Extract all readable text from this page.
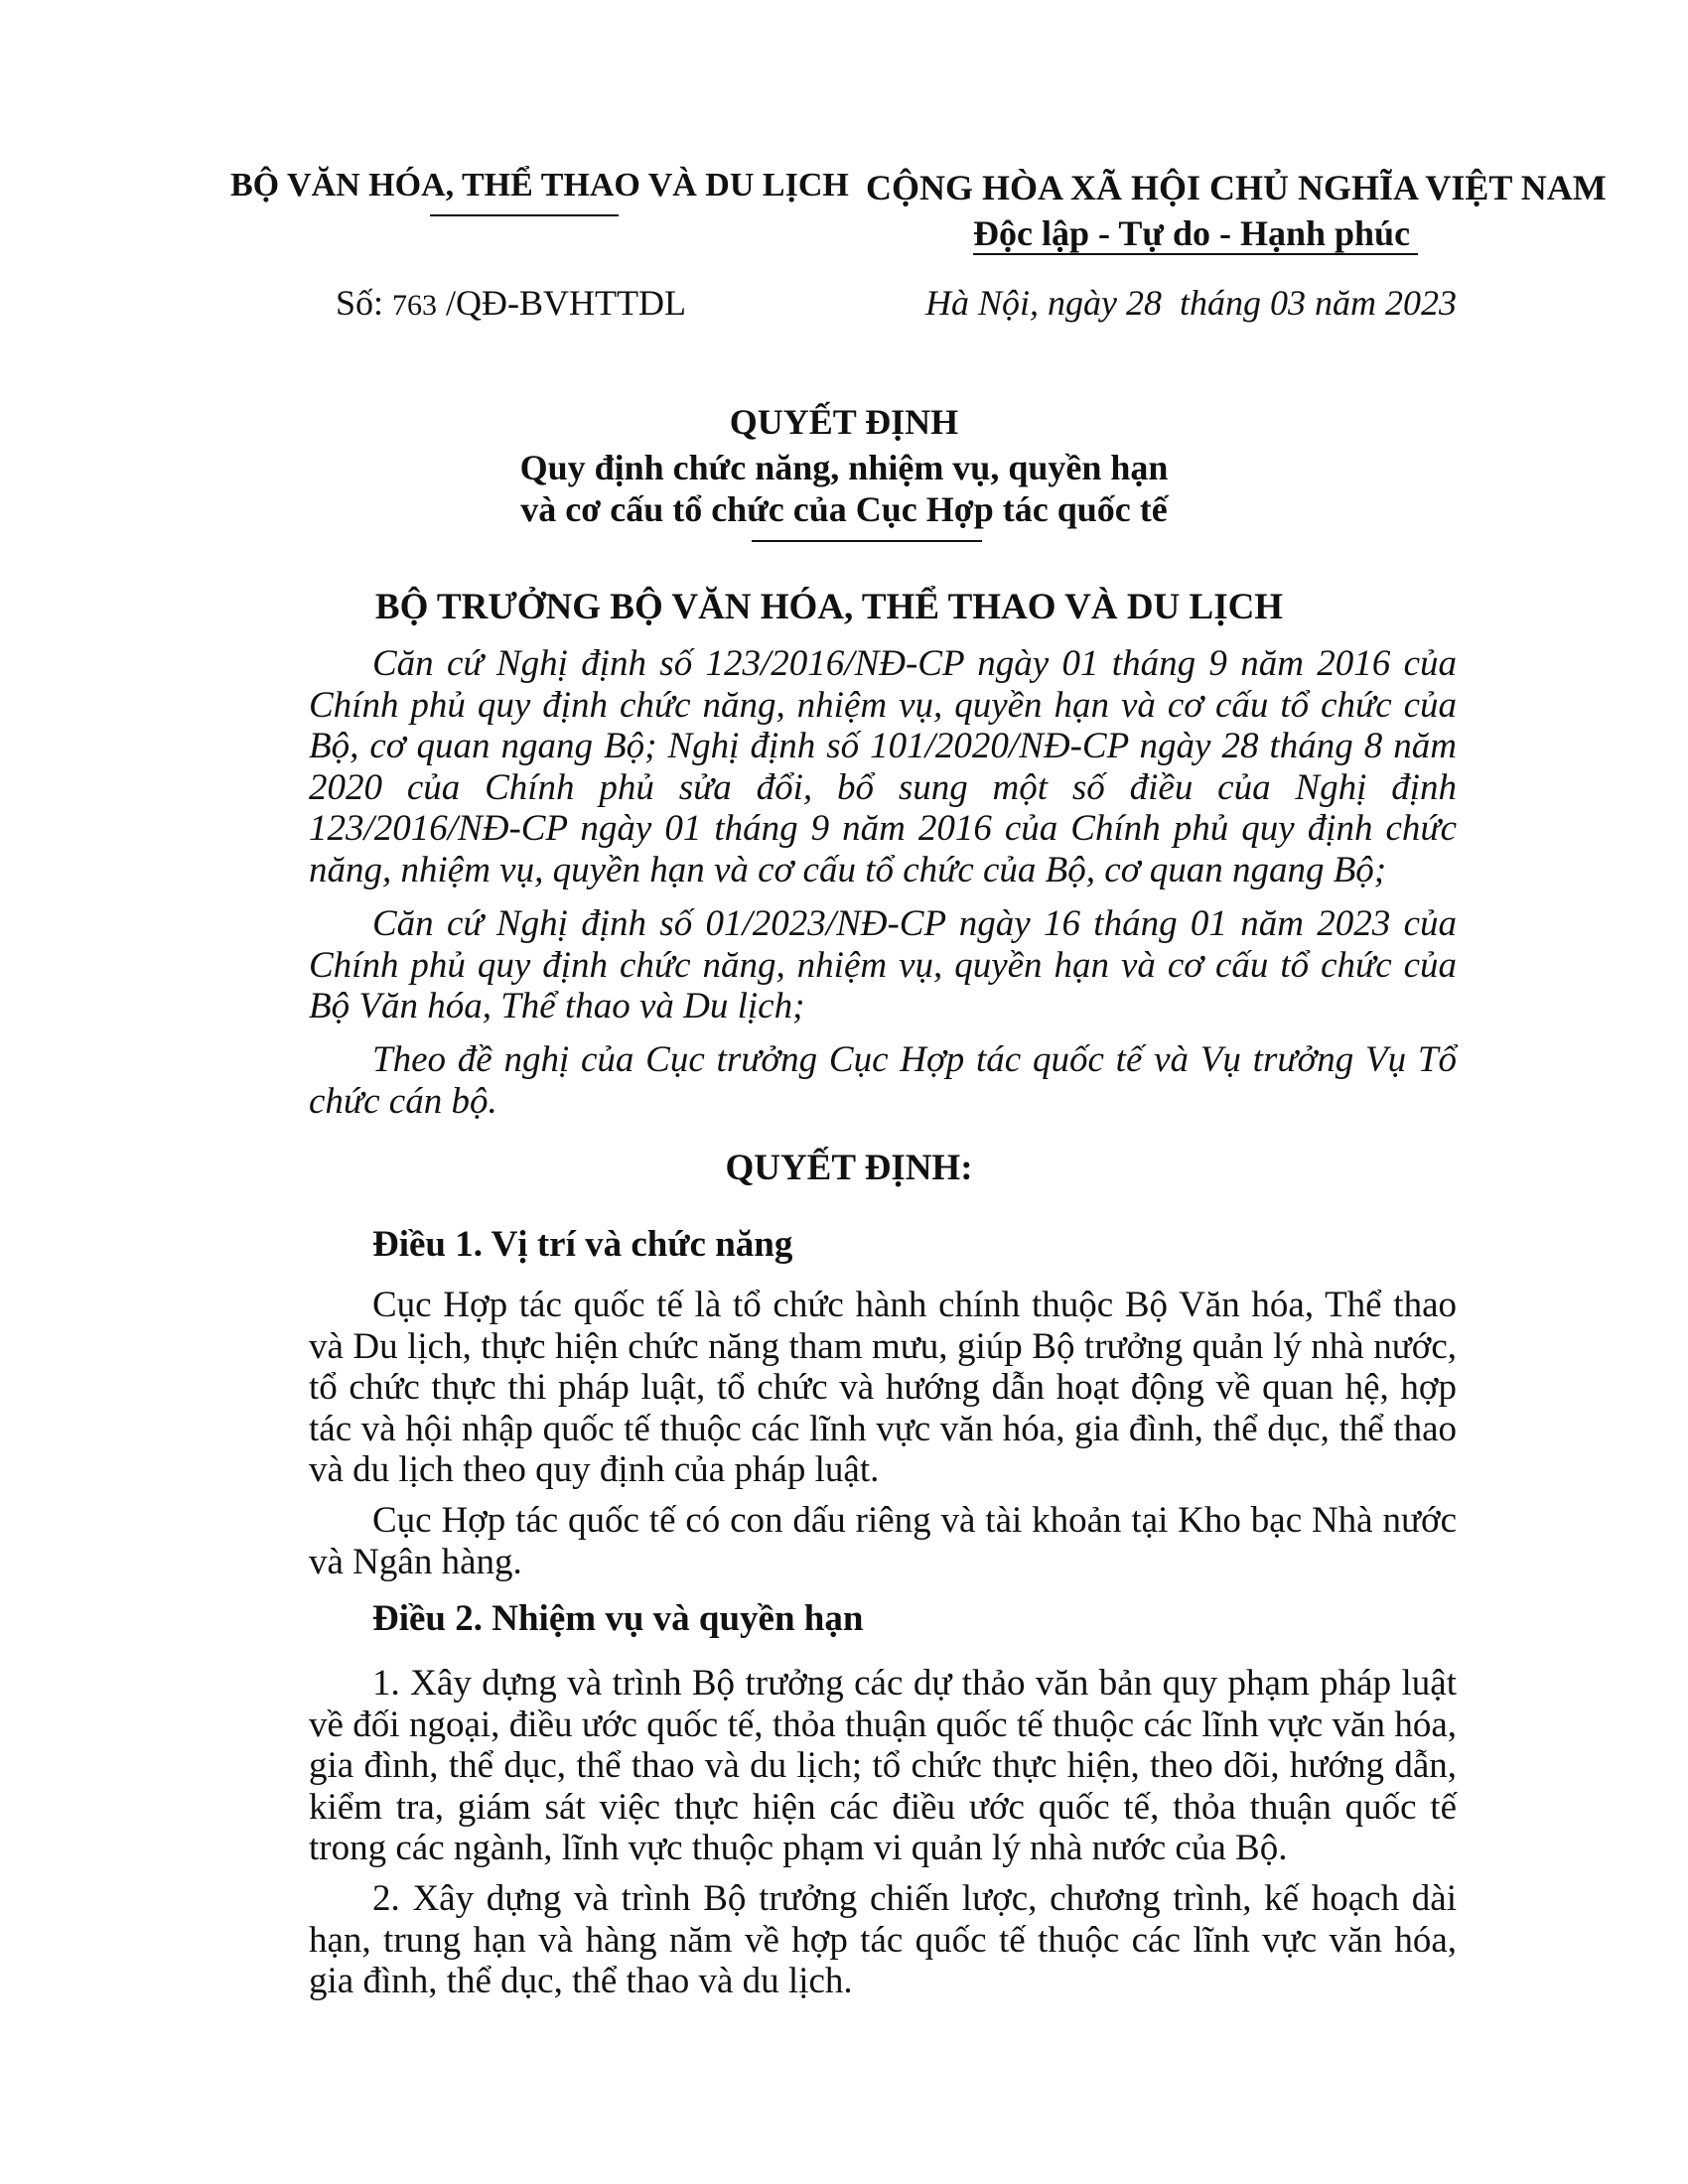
BỘ VĂN HÓA, THỂ THAO VÀ DU LỊCH CỘNG HÒA XÃ HỘI CHỦ NGHĨA VIỆT NAM
Độc lập - Tự do - Hạnh phúc
Số: 763 /QĐ-BVHTTDL	Hà Nội, ngày 28 tháng 03 năm 2023
QUYẾT ĐỊNH
Quy định chức năng, nhiệm vụ, quyền hạn
và cơ cấu tổ chức của Cục Hợp tác quốc tế
BỘ TRƯỞNG BỘ VĂN HÓA, THỂ THAO VÀ DU LỊCH
Căn cứ Nghị định số 123/2016/NĐ-CP ngày 01 tháng 9 năm 2016 của Chính phủ quy định chức năng, nhiệm vụ, quyền hạn và cơ cấu tổ chức của Bộ, cơ quan ngang Bộ; Nghị định số 101/2020/NĐ-CP ngày 28 tháng 8 năm 2020 của Chính phủ sửa đổi, bổ sung một số điều của Nghị định 123/2016/NĐ-CP ngày 01 tháng 9 năm 2016 của Chính phủ quy định chức năng, nhiệm vụ, quyền hạn và cơ cấu tổ chức của Bộ, cơ quan ngang Bộ;
Căn cứ Nghị định số 01/2023/NĐ-CP ngày 16 tháng 01 năm 2023 của Chính phủ quy định chức năng, nhiệm vụ, quyền hạn và cơ cấu tổ chức của Bộ Văn hóa, Thể thao và Du lịch;
Theo đề nghị của Cục trưởng Cục Hợp tác quốc tế và Vụ trưởng Vụ Tổ chức cán bộ.
QUYẾT ĐỊNH:
Điều 1. Vị trí và chức năng
Cục Hợp tác quốc tế là tổ chức hành chính thuộc Bộ Văn hóa, Thể thao và Du lịch, thực hiện chức năng tham mưu, giúp Bộ trưởng quản lý nhà nước, tổ chức thực thi pháp luật, tổ chức và hướng dẫn hoạt động về quan hệ, hợp tác và hội nhập quốc tế thuộc các lĩnh vực văn hóa, gia đình, thể dục, thể thao và du lịch theo quy định của pháp luật.
Cục Hợp tác quốc tế có con dấu riêng và tài khoản tại Kho bạc Nhà nước và Ngân hàng.
Điều 2. Nhiệm vụ và quyền hạn
1. Xây dựng và trình Bộ trưởng các dự thảo văn bản quy phạm pháp luật về đối ngoại, điều ước quốc tế, thỏa thuận quốc tế thuộc các lĩnh vực văn hóa, gia đình, thể dục, thể thao và du lịch; tổ chức thực hiện, theo dõi, hướng dẫn, kiểm tra, giám sát việc thực hiện các điều ước quốc tế, thỏa thuận quốc tế trong các ngành, lĩnh vực thuộc phạm vi quản lý nhà nước của Bộ.
2. Xây dựng và trình Bộ trưởng chiến lược, chương trình, kế hoạch dài hạn, trung hạn và hàng năm về hợp tác quốc tế thuộc các lĩnh vực văn hóa, gia đình, thể dục, thể thao và du lịch.
